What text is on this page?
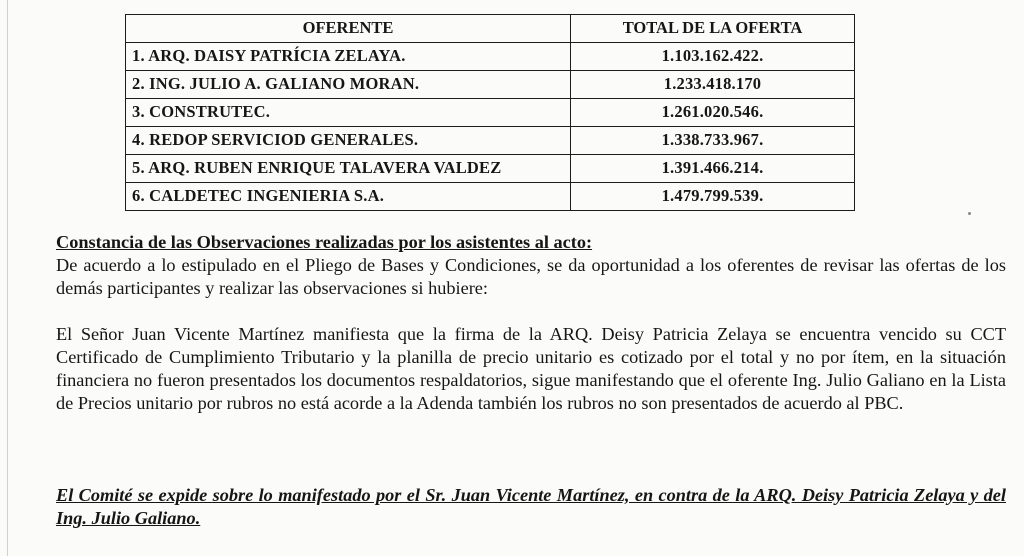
OFERENTE	TOTAL DE LA OFERTA
1. ARQ. DAISY PATRÍCIA ZELAYA.	1.103.162.422.
2. ING. JULIO A. GALIANO MORAN.	1.233.418.170
3. CONSTRUTEC.	1.261.020.546.
4. REDOP SERVICIOD GENERALES.	1.338.733.967.
5. ARQ. RUBEN ENRIQUE TALAVERA VALDEZ	1.391.466.214.
6. CALDETEC INGENIERIA S.A.	1.479.799.539.
Constancia de las Observaciones realizadas por los asistentes al acto:
De acuerdo a lo estipulado en el Pliego de Bases y Condiciones, se da oportunidad a los oferentes de revisar las ofertas de los demás participantes y realizar las observaciones si hubiere:
El Señor Juan Vicente Martínez manifiesta que la firma de la ARQ. Deisy Patricia Zelaya se encuentra vencido su CCT Certificado de Cumplimiento Tributario y la planilla de precio unitario es cotizado por el total y no por ítem, en la situación financiera no fueron presentados los documentos respaldatorios, sigue manifestando que el oferente Ing. Julio Galiano en la Lista de Precios unitario por rubros no está acorde a la Adenda también los rubros no son presentados de acuerdo al PBC.
El Comité se expide sobre lo manifestado por el Sr. Juan Vicente Martínez, en contra de la ARQ. Deisy Patricia Zelaya y del Ing. Julio Galiano.
